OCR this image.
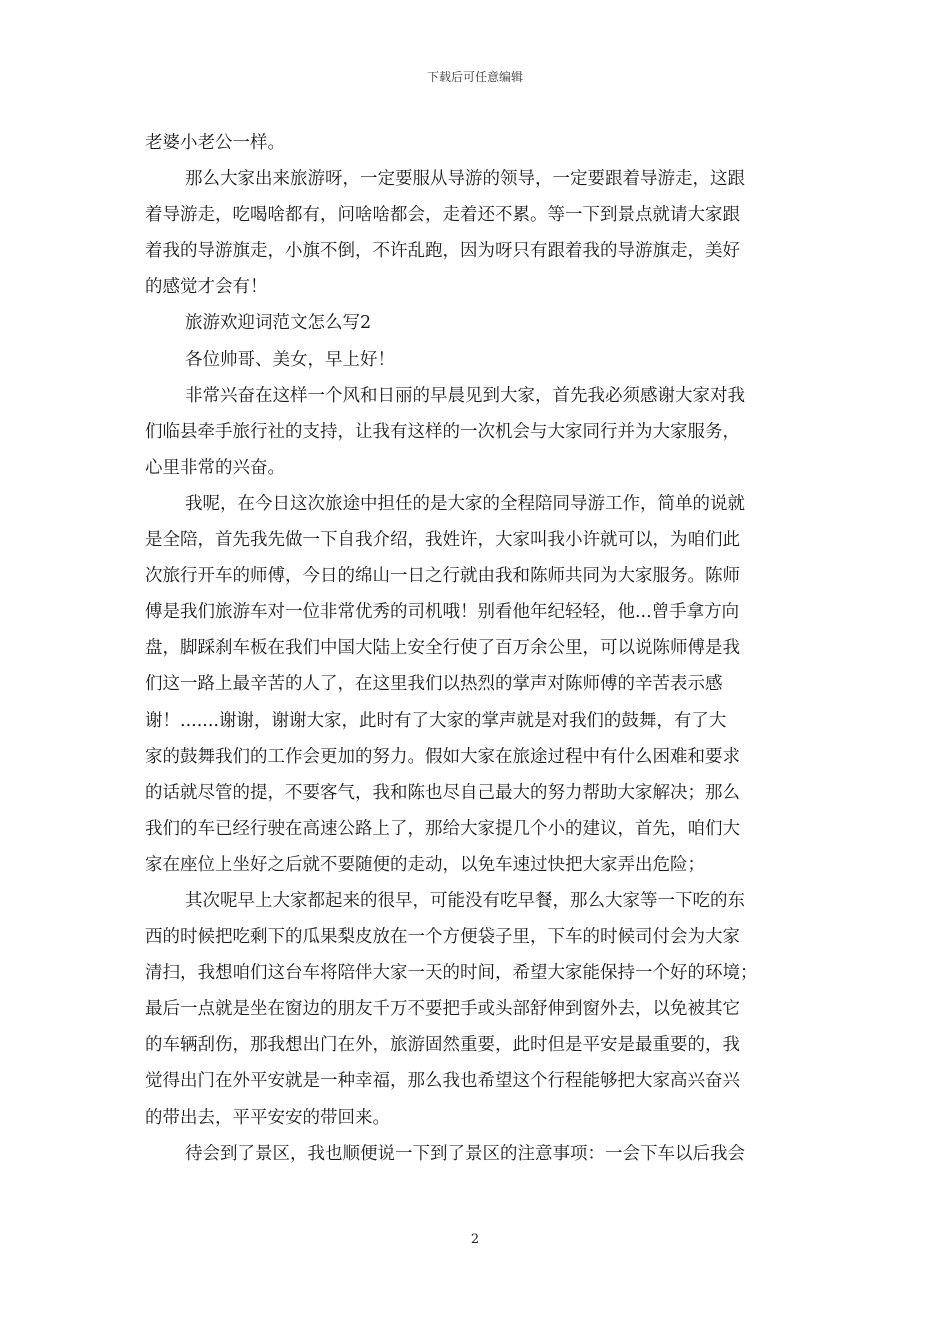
下载后可任意编辑
老婆小老公一样。
那么大家出来旅游呀，一定要服从导游的领导，一定要跟着导游走，这跟
着导游走，吃喝啥都有，问啥啥都会，走着还不累。等一下到景点就请大家跟
着我的导游旗走，小旗不倒，不许乱跑，因为呀只有跟着我的导游旗走，美好
的感觉才会有！
旅游欢迎词范文怎么写2
各位帅哥、美女，早上好！
非常兴奋在这样一个风和日丽的早晨见到大家，首先我必须感谢大家对我
们临县牵手旅行社的支持，让我有这样的一次机会与大家同行并为大家服务，
心里非常的兴奋。
我呢，在今日这次旅途中担任的是大家的全程陪同导游工作，简单的说就
是全陪，首先我先做一下自我介绍，我姓许，大家叫我小许就可以，为咱们此
次旅行开车的师傅，今日的绵山一日之行就由我和陈师共同为大家服务。陈师
傅是我们旅游车对一位非常优秀的司机哦！别看他年纪轻轻，他...曾手拿方向
盘，脚踩刹车板在我们中国大陆上安全行使了百万余公里，可以说陈师傅是我
们这一路上最辛苦的人了，在这里我们以热烈的掌声对陈师傅的辛苦表示感
谢！.......谢谢，谢谢大家，此时有了大家的掌声就是对我们的鼓舞，有了大
家的鼓舞我们的工作会更加的努力。假如大家在旅途过程中有什么困难和要求
的话就尽管的提，不要客气，我和陈也尽自己最大的努力帮助大家解决；那么
我们的车已经行驶在高速公路上了，那给大家提几个小的建议，首先，咱们大
家在座位上坐好之后就不要随便的走动，以免车速过快把大家弄出危险；
其次呢早上大家都起来的很早，可能没有吃早餐，那么大家等一下吃的东
西的时候把吃剩下的瓜果梨皮放在一个方便袋子里，下车的时候司付会为大家
清扫，我想咱们这台车将陪伴大家一天的时间，希望大家能保持一个好的环境；
最后一点就是坐在窗边的朋友千万不要把手或头部舒伸到窗外去，以免被其它
的车辆刮伤，那我想出门在外，旅游固然重要，此时但是平安是最重要的，我
觉得出门在外平安就是一种幸福，那么我也希望这个行程能够把大家高兴奋兴
的带出去，平平安安的带回来。
待会到了景区，我也顺便说一下到了景区的注意事项：一会下车以后我会
2
